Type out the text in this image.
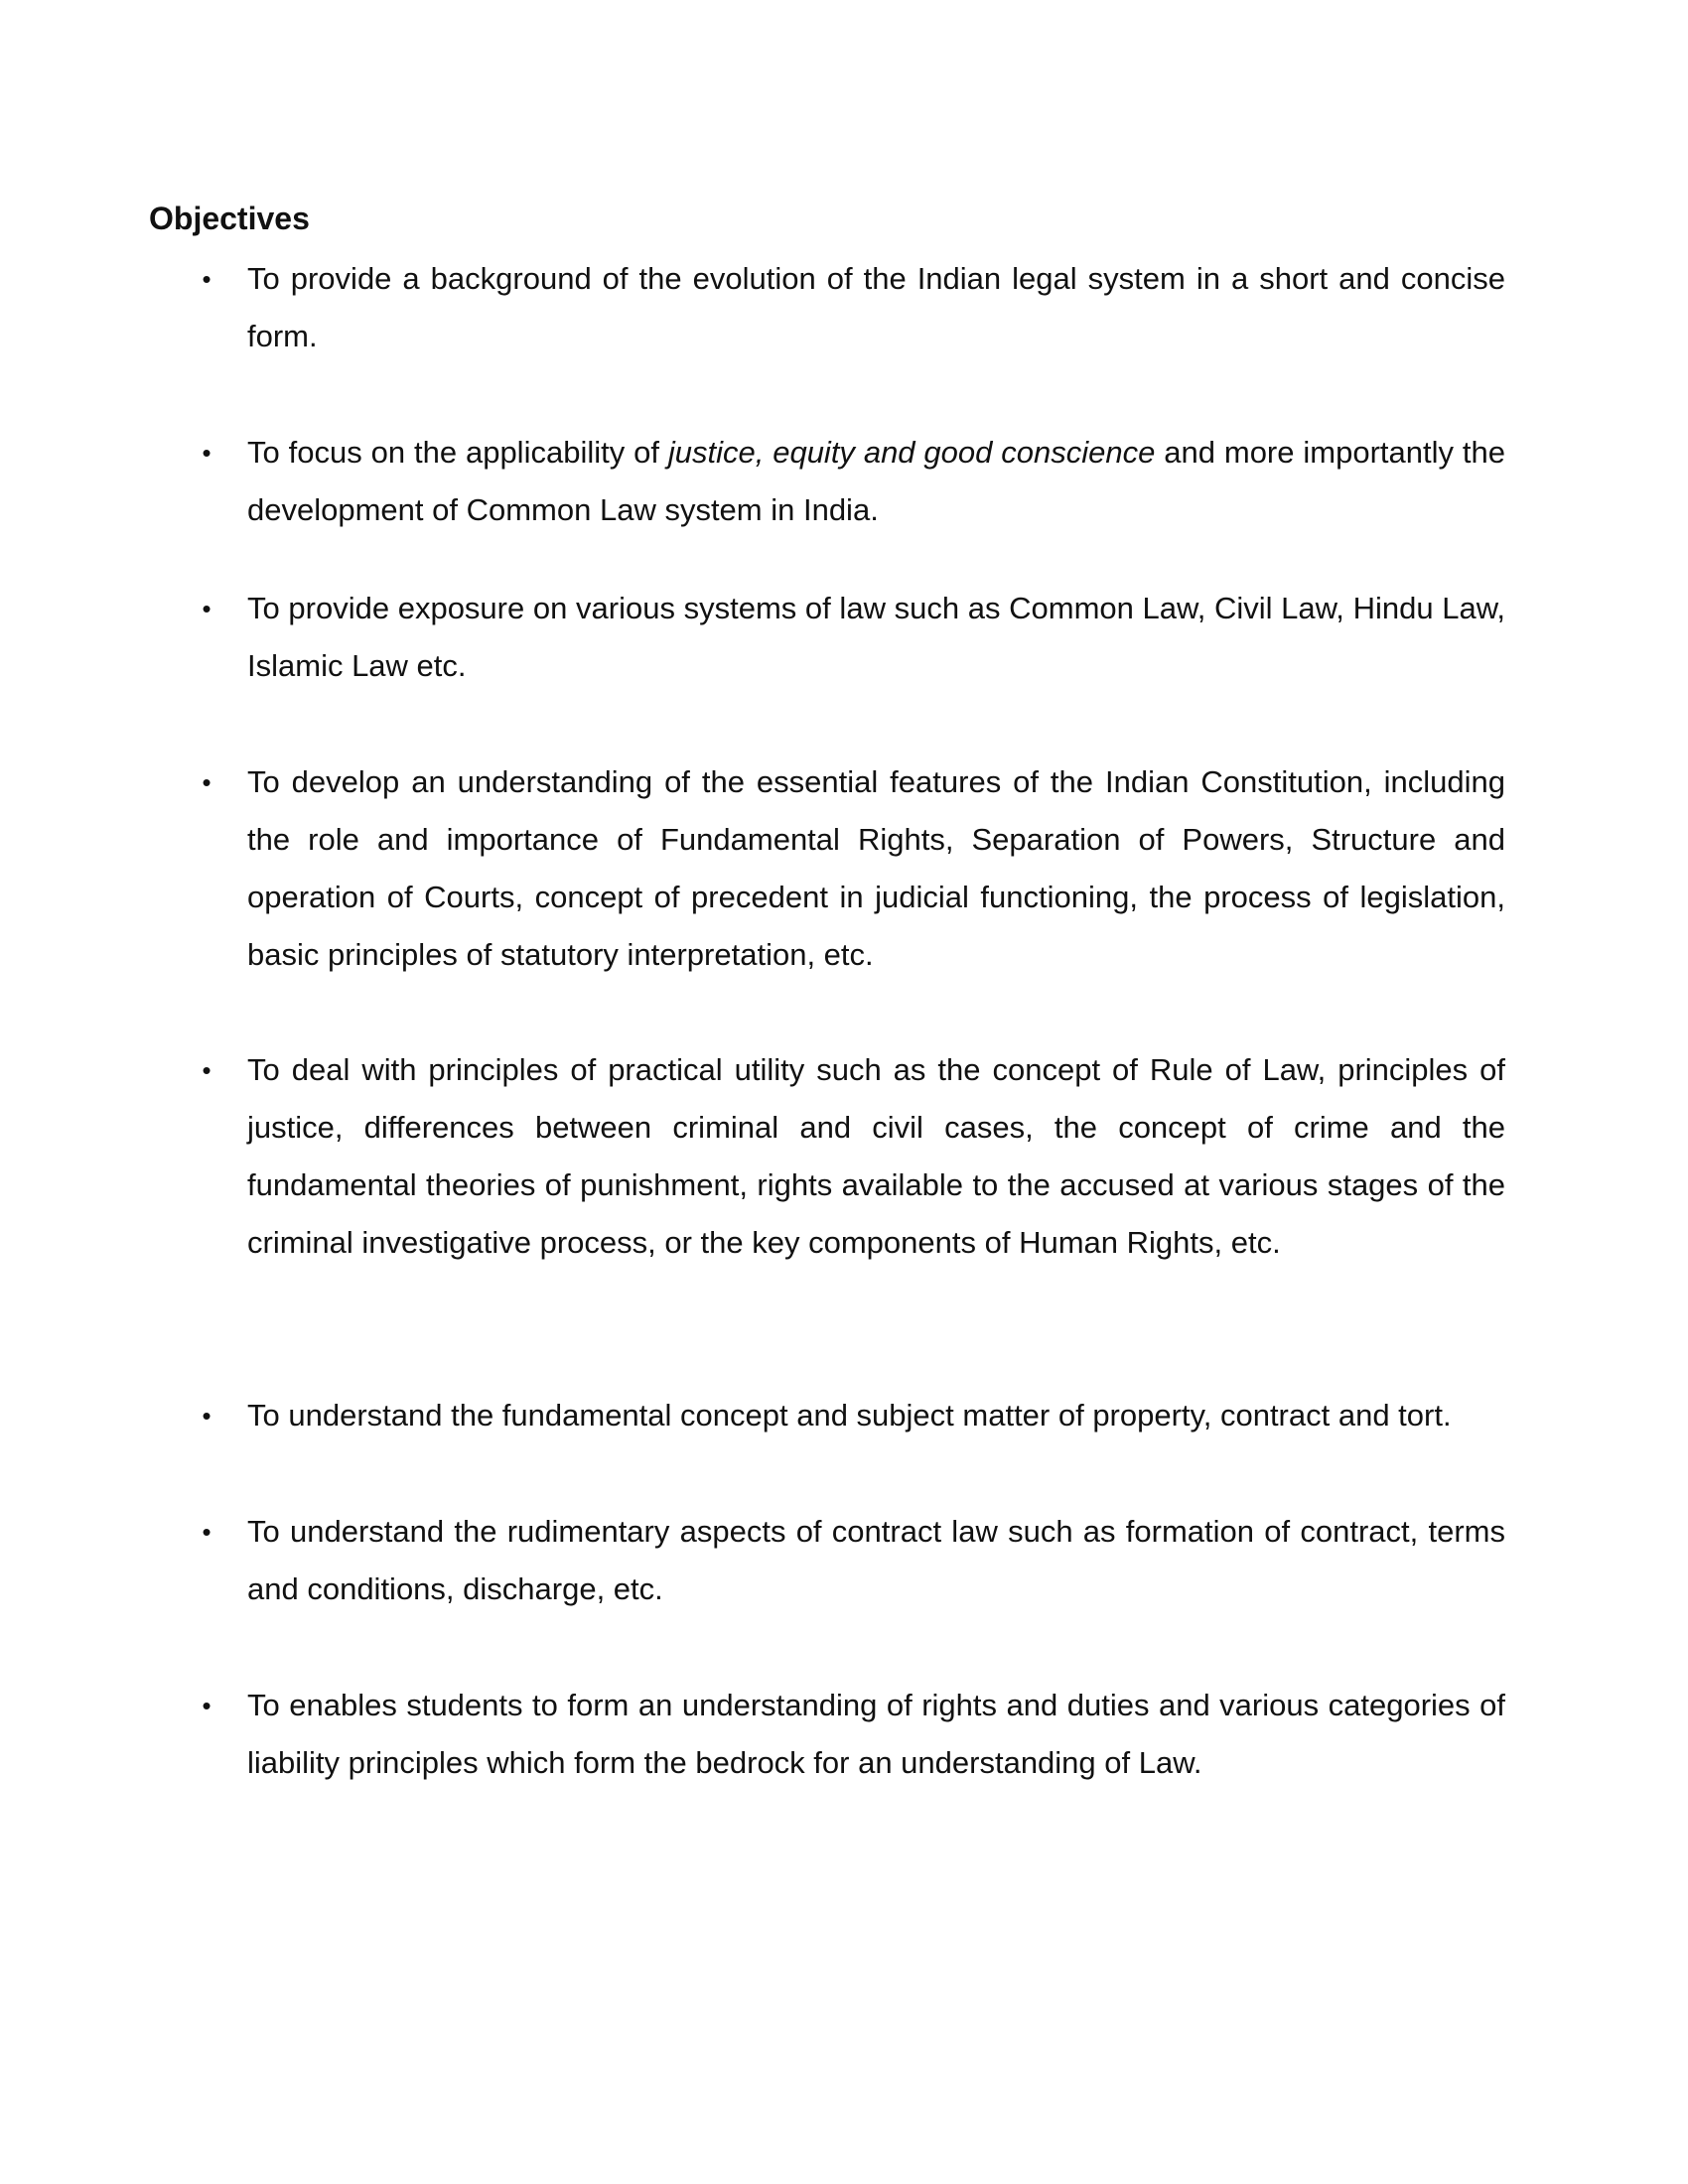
Objectives
• To provide a background of the evolution of the Indian legal system in a short and concise form.

• To focus on the applicability of justice, equity and good conscience and more importantly the development of Common Law system in India.

• To provide exposure on various systems of law such as Common Law, Civil Law, Hindu Law, Islamic Law etc.

• To develop an understanding of the essential features of the Indian Constitution, including the role and importance of Fundamental Rights, Separation of Powers, Structure and operation of Courts, concept of precedent in judicial functioning, the process of legislation, basic principles of statutory interpretation, etc.

• To deal with principles of practical utility such as the concept of Rule of Law, principles of justice, differences between criminal and civil cases, the concept of crime and the fundamental theories of punishment, rights available to the accused at various stages of the criminal investigative process, or the key components of Human Rights, etc.

• To understand the fundamental concept and subject matter of property, contract and tort.

• To understand the rudimentary aspects of contract law such as formation of contract, terms and conditions, discharge, etc.

• To enables students to form an understanding of rights and duties and various categories of liability principles which form the bedrock for an understanding of Law.
